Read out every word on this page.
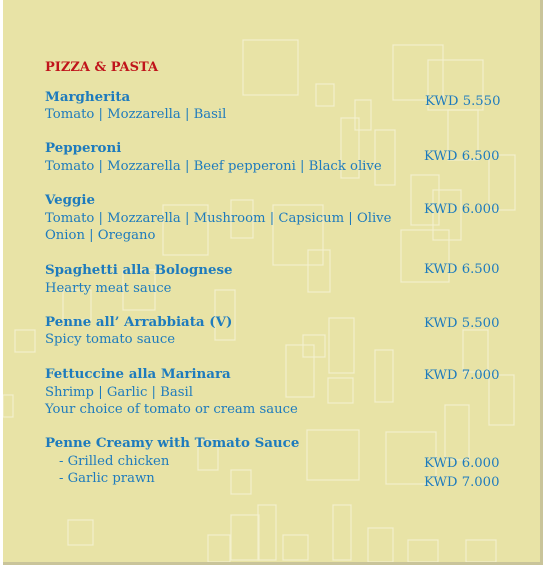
PIZZA & PASTA
Margherita
Tomato | Mozzarella | Basil
KWD 5.550
Pepperoni
Tomato | Mozzarella | Beef pepperoni | Black olive
KWD 6.500
Veggie
Tomato | Mozzarella | Mushroom | Capsicum | Olive
Onion | Oregano
KWD 6.000
Spaghetti alla Bolognese
Hearty meat sauce
KWD 6.500
Penne all’ Arrabbiata (V)
Spicy tomato sauce
KWD 5.500
Fettuccine alla Marinara
Shrimp | Garlic | Basil
Your choice of tomato or cream sauce
KWD 7.000
Penne Creamy with Tomato Sauce
- Grilled chicken
- Garlic prawn
KWD 6.000
KWD 7.000
